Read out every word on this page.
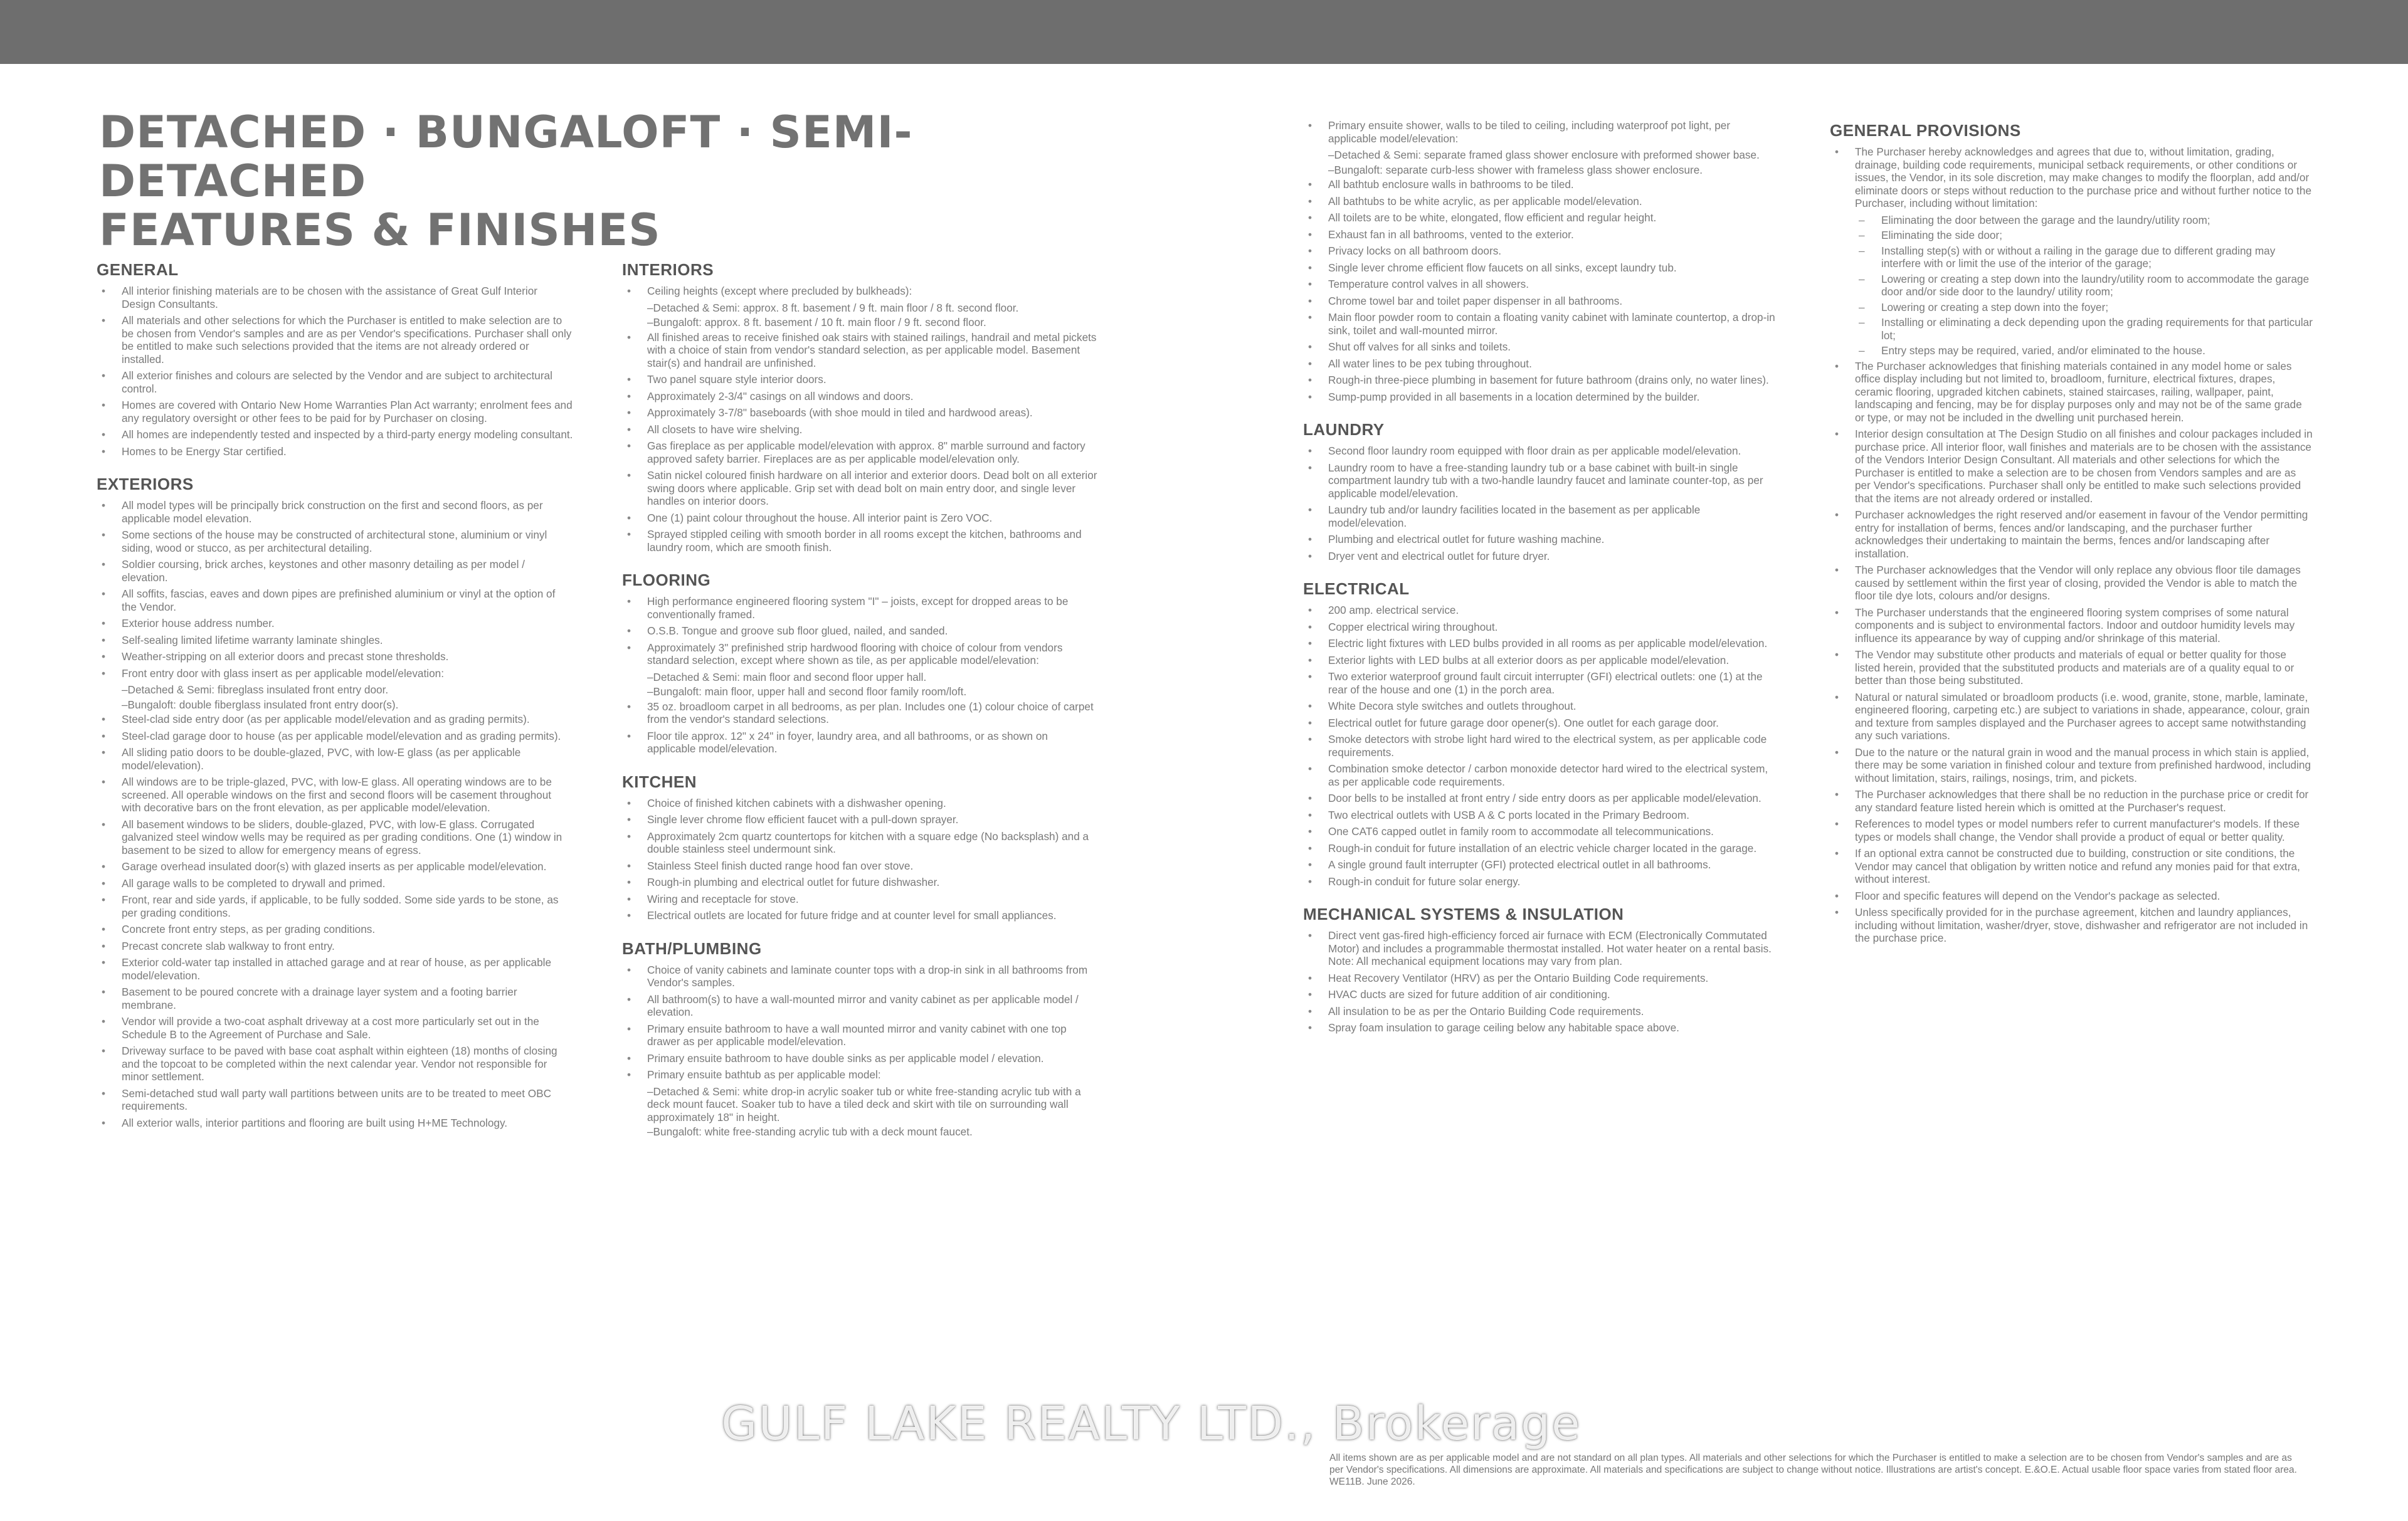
DETACHED · BUNGALOFT · SEMI-DETACHED
FEATURES & FINISHES
GENERAL
• All interior finishing materials are to be chosen with the assistance of Great Gulf Interior Design Consultants.
• All materials and other selections for which the Purchaser is entitled to make selection are to be chosen from Vendor's samples and are as per Vendor's specifications. Purchaser shall only be entitled to make such selections provided that the items are not already ordered or installed.
• All exterior finishes and colours are selected by the Vendor and are subject to architectural control.
• Homes are covered with Ontario New Home Warranties Plan Act warranty; enrolment fees and any regulatory oversight or other fees to be paid for by Purchaser on closing.
• All homes are independently tested and inspected by a third-party energy modeling consultant.
• Homes to be Energy Star certified.
EXTERIORS
• All model types will be principally brick construction on the first and second floors, as per applicable model elevation.
• Some sections of the house may be constructed of architectural stone, aluminium or vinyl siding, wood or stucco, as per architectural detailing.
• Soldier coursing, brick arches, keystones and other masonry detailing as per model / elevation.
• All soffits, fascias, eaves and down pipes are prefinished aluminium or vinyl at the option of the Vendor.
• Exterior house address number.
• Self-sealing limited lifetime warranty laminate shingles.
• Weather-stripping on all exterior doors and precast stone thresholds.
• Front entry door with glass insert as per applicable model/elevation:
–Detached & Semi: fibreglass insulated front entry door.
–Bungaloft: double fiberglass insulated front entry door(s).
• Steel-clad side entry door (as per applicable model/elevation and as grading permits).
• Steel-clad garage door to house (as per applicable model/elevation and as grading permits).
• All sliding patio doors to be double-glazed, PVC, with low-E glass (as per applicable model/elevation).
• All windows are to be triple-glazed, PVC, with low-E glass. All operating windows are to be screened. All operable windows on the first and second floors will be casement throughout with decorative bars on the front elevation, as per applicable model/elevation.
• All basement windows to be sliders, double-glazed, PVC, with low-E glass. Corrugated galvanized steel window wells may be required as per grading conditions. One (1) window in basement to be sized to allow for emergency means of egress.
• Garage overhead insulated door(s) with glazed inserts as per applicable model/elevation.
• All garage walls to be completed to drywall and primed.
• Front, rear and side yards, if applicable, to be fully sodded. Some side yards to be stone, as per grading conditions.
• Concrete front entry steps, as per grading conditions.
• Precast concrete slab walkway to front entry.
• Exterior cold-water tap installed in attached garage and at rear of house, as per applicable model/elevation.
• Basement to be poured concrete with a drainage layer system and a footing barrier membrane.
• Vendor will provide a two-coat asphalt driveway at a cost more particularly set out in the Schedule B to the Agreement of Purchase and Sale.
• Driveway surface to be paved with base coat asphalt within eighteen (18) months of closing and the topcoat to be completed within the next calendar year. Vendor not responsible for minor settlement.
• Semi-detached stud wall party wall partitions between units are to be treated to meet OBC requirements.
• All exterior walls, interior partitions and flooring are built using H+ME Technology.
INTERIORS
• Ceiling heights (except where precluded by bulkheads):
–Detached & Semi: approx. 8 ft. basement / 9 ft. main floor / 8 ft. second floor.
–Bungaloft: approx. 8 ft. basement / 10 ft. main floor / 9 ft. second floor.
• All finished areas to receive finished oak stairs with stained railings, handrail and metal pickets with a choice of stain from vendor's standard selection, as per applicable model. Basement stair(s) and handrail are unfinished.
• Two panel square style interior doors.
• Approximately 2-3/4" casings on all windows and doors.
• Approximately 3-7/8" baseboards (with shoe mould in tiled and hardwood areas).
• All closets to have wire shelving.
• Gas fireplace as per applicable model/elevation with approx. 8" marble surround and factory approved safety barrier. Fireplaces are as per applicable model/elevation only.
• Satin nickel coloured finish hardware on all interior and exterior doors. Dead bolt on all exterior swing doors where applicable. Grip set with dead bolt on main entry door, and single lever handles on interior doors.
• One (1) paint colour throughout the house. All interior paint is Zero VOC.
• Sprayed stippled ceiling with smooth border in all rooms except the kitchen, bathrooms and laundry room, which are smooth finish.
FLOORING
• High performance engineered flooring system "I" – joists, except for dropped areas to be conventionally framed.
• O.S.B. Tongue and groove sub floor glued, nailed, and sanded.
• Approximately 3" prefinished strip hardwood flooring with choice of colour from vendors standard selection, except where shown as tile, as per applicable model/elevation:
–Detached & Semi: main floor and second floor upper hall.
–Bungaloft: main floor, upper hall and second floor family room/loft.
• 35 oz. broadloom carpet in all bedrooms, as per plan. Includes one (1) colour choice of carpet from the vendor's standard selections.
• Floor tile approx. 12" x 24" in foyer, laundry area, and all bathrooms, or as shown on applicable model/elevation.
KITCHEN
• Choice of finished kitchen cabinets with a dishwasher opening.
• Single lever chrome flow efficient faucet with a pull-down sprayer.
• Approximately 2cm quartz countertops for kitchen with a square edge (No backsplash) and a double stainless steel undermount sink.
• Stainless Steel finish ducted range hood fan over stove.
• Rough-in plumbing and electrical outlet for future dishwasher.
• Wiring and receptacle for stove.
• Electrical outlets are located for future fridge and at counter level for small appliances.
BATH/PLUMBING
• Choice of vanity cabinets and laminate counter tops with a drop-in sink in all bathrooms from Vendor's samples.
• All bathroom(s) to have a wall-mounted mirror and vanity cabinet as per applicable model / elevation.
• Primary ensuite bathroom to have a wall mounted mirror and vanity cabinet with one top drawer as per applicable model/elevation.
• Primary ensuite bathroom to have double sinks as per applicable model / elevation.
• Primary ensuite bathtub as per applicable model:
–Detached & Semi: white drop-in acrylic soaker tub or white free-standing acrylic tub with a deck mount faucet. Soaker tub to have a tiled deck and skirt with tile on surrounding wall approximately 18" in height.
–Bungaloft: white free-standing acrylic tub with a deck mount faucet.
• Primary ensuite shower, walls to be tiled to ceiling, including waterproof pot light, per applicable model/elevation:
–Detached & Semi: separate framed glass shower enclosure with preformed shower base.
–Bungaloft: separate curb-less shower with frameless glass shower enclosure.
• All bathtub enclosure walls in bathrooms to be tiled.
• All bathtubs to be white acrylic, as per applicable model/elevation.
• All toilets are to be white, elongated, flow efficient and regular height.
• Exhaust fan in all bathrooms, vented to the exterior.
• Privacy locks on all bathroom doors.
• Single lever chrome efficient flow faucets on all sinks, except laundry tub.
• Temperature control valves in all showers.
• Chrome towel bar and toilet paper dispenser in all bathrooms.
• Main floor powder room to contain a floating vanity cabinet with laminate countertop, a drop-in sink, toilet and wall-mounted mirror.
• Shut off valves for all sinks and toilets.
• All water lines to be pex tubing throughout.
• Rough-in three-piece plumbing in basement for future bathroom (drains only, no water lines).
• Sump-pump provided in all basements in a location determined by the builder.
LAUNDRY
• Second floor laundry room equipped with floor drain as per applicable model/elevation.
• Laundry room to have a free-standing laundry tub or a base cabinet with built-in single compartment laundry tub with a two-handle laundry faucet and laminate counter-top, as per applicable model/elevation.
• Laundry tub and/or laundry facilities located in the basement as per applicable model/elevation.
• Plumbing and electrical outlet for future washing machine.
• Dryer vent and electrical outlet for future dryer.
ELECTRICAL
• 200 amp. electrical service.
• Copper electrical wiring throughout.
• Electric light fixtures with LED bulbs provided in all rooms as per applicable model/elevation.
• Exterior lights with LED bulbs at all exterior doors as per applicable model/elevation.
• Two exterior waterproof ground fault circuit interrupter (GFI) electrical outlets: one (1) at the rear of the house and one (1) in the porch area.
• White Decora style switches and outlets throughout.
• Electrical outlet for future garage door opener(s). One outlet for each garage door.
• Smoke detectors with strobe light hard wired to the electrical system, as per applicable code requirements.
• Combination smoke detector / carbon monoxide detector hard wired to the electrical system, as per applicable code requirements.
• Door bells to be installed at front entry / side entry doors as per applicable model/elevation.
• Two electrical outlets with USB A & C ports located in the Primary Bedroom.
• One CAT6 capped outlet in family room to accommodate all telecommunications.
• Rough-in conduit for future installation of an electric vehicle charger located in the garage.
• A single ground fault interrupter (GFI) protected electrical outlet in all bathrooms.
• Rough-in conduit for future solar energy.
MECHANICAL SYSTEMS & INSULATION
• Direct vent gas-fired high-efficiency forced air furnace with ECM (Electronically Commutated Motor) and includes a programmable thermostat installed. Hot water heater on a rental basis. Note: All mechanical equipment locations may vary from plan.
• Heat Recovery Ventilator (HRV) as per the Ontario Building Code requirements.
• HVAC ducts are sized for future addition of air conditioning.
• All insulation to be as per the Ontario Building Code requirements.
• Spray foam insulation to garage ceiling below any habitable space above.
GENERAL PROVISIONS
• The Purchaser hereby acknowledges and agrees that due to, without limitation, grading, drainage, building code requirements, municipal setback requirements, or other conditions or issues, the Vendor, in its sole discretion, may make changes to modify the floorplan, add and/or eliminate doors or steps without reduction to the purchase price and without further notice to the Purchaser, including without limitation:
– Eliminating the door between the garage and the laundry/utility room;
– Eliminating the side door;
– Installing step(s) with or without a railing in the garage due to different grading may interfere with or limit the use of the interior of the garage;
– Lowering or creating a step down into the laundry/utility room to accommodate the garage door and/or side door to the laundry/ utility room;
– Lowering or creating a step down into the foyer;
– Installing or eliminating a deck depending upon the grading requirements for that particular lot;
– Entry steps may be required, varied, and/or eliminated to the house.
• The Purchaser acknowledges that finishing materials contained in any model home or sales office display including but not limited to, broadloom, furniture, electrical fixtures, drapes, ceramic flooring, upgraded kitchen cabinets, stained staircases, railing, wallpaper, paint, landscaping and fencing, may be for display purposes only and may not be of the same grade or type, or may not be included in the dwelling unit purchased herein.
• Interior design consultation at The Design Studio on all finishes and colour packages included in purchase price. All interior floor, wall finishes and materials are to be chosen with the assistance of the Vendors Interior Design Consultant. All materials and other selections for which the Purchaser is entitled to make a selection are to be chosen from Vendors samples and are as per Vendor's specifications. Purchaser shall only be entitled to make such selections provided that the items are not already ordered or installed.
• Purchaser acknowledges the right reserved and/or easement in favour of the Vendor permitting entry for installation of berms, fences and/or landscaping, and the purchaser further acknowledges their undertaking to maintain the berms, fences and/or landscaping after installation.
• The Purchaser acknowledges that the Vendor will only replace any obvious floor tile damages caused by settlement within the first year of closing, provided the Vendor is able to match the floor tile dye lots, colours and/or designs.
• The Purchaser understands that the engineered flooring system comprises of some natural components and is subject to environmental factors. Indoor and outdoor humidity levels may influence its appearance by way of cupping and/or shrinkage of this material.
• The Vendor may substitute other products and materials of equal or better quality for those listed herein, provided that the substituted products and materials are of a quality equal to or better than those being substituted.
• Natural or natural simulated or broadloom products (i.e. wood, granite, stone, marble, laminate, engineered flooring, carpeting etc.) are subject to variations in shade, appearance, colour, grain and texture from samples displayed and the Purchaser agrees to accept same notwithstanding any such variations.
• Due to the nature or the natural grain in wood and the manual process in which stain is applied, there may be some variation in finished colour and texture from prefinished hardwood, including without limitation, stairs, railings, nosings, trim, and pickets.
• The Purchaser acknowledges that there shall be no reduction in the purchase price or credit for any standard feature listed herein which is omitted at the Purchaser's request.
• References to model types or model numbers refer to current manufacturer's models. If these types or models shall change, the Vendor shall provide a product of equal or better quality.
• If an optional extra cannot be constructed due to building, construction or site conditions, the Vendor may cancel that obligation by written notice and refund any monies paid for that extra, without interest.
• Floor and specific features will depend on the Vendor's package as selected.
• Unless specifically provided for in the purchase agreement, kitchen and laundry appliances, including without limitation, washer/dryer, stove, dishwasher and refrigerator are not included in the purchase price.

All items shown are as per applicable model and are not standard on all plan types. All materials and other selections for which the Purchaser is entitled to make a selection are to be chosen from Vendor's samples and are as per Vendor's specifications. All dimensions are approximate. All materials and specifications are subject to change without notice. Illustrations are artist's concept. E.&O.E. Actual usable floor space varies from stated floor area. WE11B. June 2026.

GULF LAKE REALTY LTD., Brokerage
